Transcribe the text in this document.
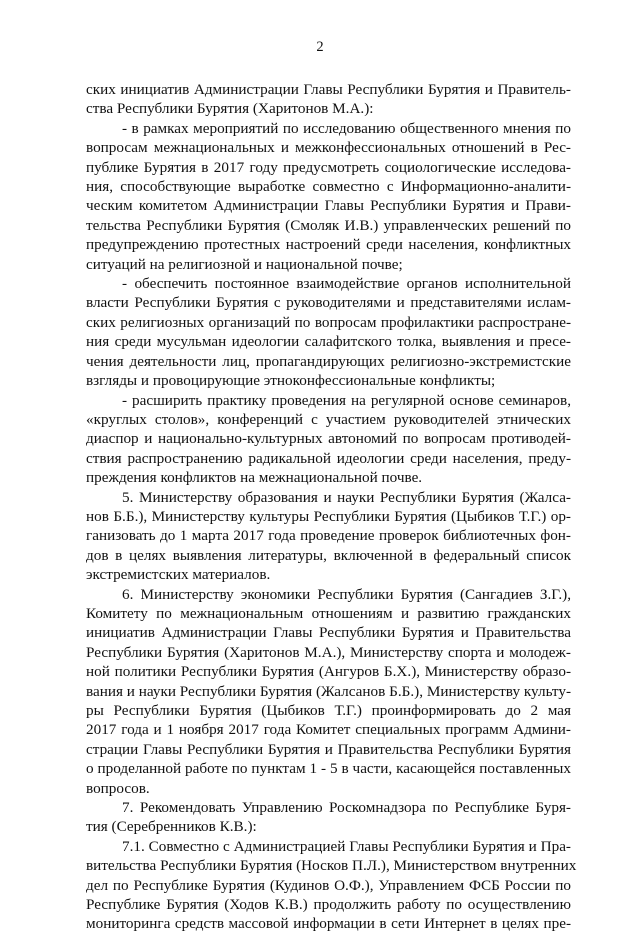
2
ских инициатив Администрации Главы Республики Бурятия и Правитель-
ства Республики Бурятия (Харитонов М.А.):
- в рамках мероприятий по исследованию общественного мнения по
вопросам межнациональных и межконфессиональных отношений в Рес-
публике Бурятия в 2017 году предусмотреть социологические исследова-
ния, способствующие выработке совместно с Информационно-аналити-
ческим комитетом Администрации Главы Республики Бурятия и Прави-
тельства Республики Бурятия (Смоляк И.В.) управленческих решений по
предупреждению протестных настроений среди населения, конфликтных
ситуаций на религиозной и национальной почве;
- обеспечить постоянное взаимодействие органов исполнительной
власти Республики Бурятия с руководителями и представителями ислам-
ских религиозных организаций по вопросам профилактики распростране-
ния среди мусульман идеологии салафитского толка, выявления и пресе-
чения деятельности лиц, пропагандирующих религиозно-экстремистские
взгляды и провоцирующие этноконфессиональные конфликты;
- расширить практику проведения на регулярной основе семинаров,
«круглых столов», конференций с участием руководителей этнических
диаспор и национально-культурных автономий по вопросам противодей-
ствия распространению радикальной идеологии среди населения, преду-
преждения конфликтов на межнациональной почве.
5. Министерству образования и науки Республики Бурятия (Жалса-
нов Б.Б.), Министерству культуры Республики Бурятия (Цыбиков Т.Г.) ор-
ганизовать до 1 марта 2017 года проведение проверок библиотечных фон-
дов в целях выявления литературы, включенной в федеральный список
экстремистских материалов.
6. Министерству экономики Республики Бурятия (Сангадиев З.Г.),
Комитету по межнациональным отношениям и развитию гражданских
инициатив Администрации Главы Республики Бурятия и Правительства
Республики Бурятия (Харитонов М.А.), Министерству спорта и молодеж-
ной политики Республики Бурятия (Ангуров Б.Х.), Министерству образо-
вания и науки Республики Бурятия (Жалсанов Б.Б.), Министерству культу-
ры Республики Бурятия (Цыбиков Т.Г.) проинформировать до 2 мая
2017 года и 1 ноября 2017 года Комитет специальных программ Админи-
страции Главы Республики Бурятия и Правительства Республики Бурятия
о проделанной работе по пунктам 1 - 5 в части, касающейся поставленных
вопросов.
7. Рекомендовать Управлению Роскомнадзора по Республике Буря-
тия (Серебренников К.В.):
7.1. Совместно с Администрацией Главы Республики Бурятия и Пра-
вительства Республики Бурятия (Носков П.Л.), Министерством внутренних
дел по Республике Бурятия (Кудинов О.Ф.), Управлением ФСБ России по
Республике Бурятия (Ходов К.В.) продолжить работу по осуществлению
мониторинга средств массовой информации в сети Интернет в целях пре-
